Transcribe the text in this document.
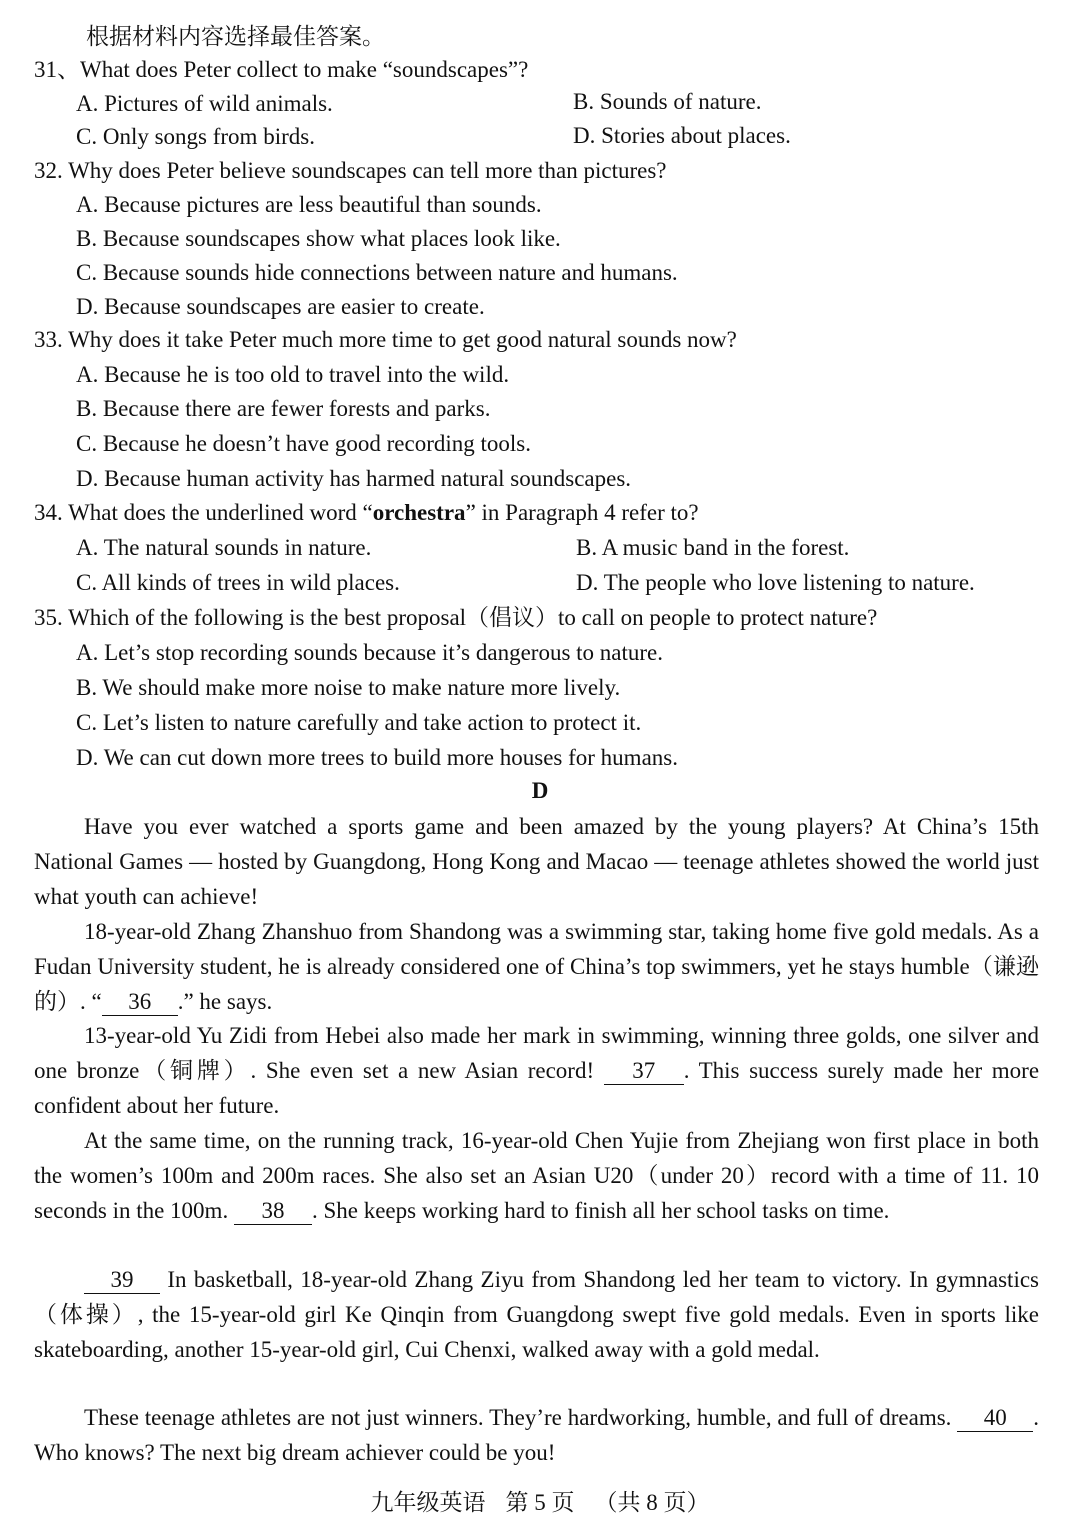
根据材料内容选择最佳答案。
31、What does Peter collect to make “soundscapes”?
A. Pictures of wild animals.	B. Sounds of nature.
C. Only songs from birds.	D. Stories about places.
32. Why does Peter believe soundscapes can tell more than pictures?
A. Because pictures are less beautiful than sounds.
B. Because soundscapes show what places look like.
C. Because sounds hide connections between nature and humans.
D. Because soundscapes are easier to create.
33. Why does it take Peter much more time to get good natural sounds now?
A. Because he is too old to travel into the wild.
B. Because there are fewer forests and parks.
C. Because he doesn’t have good recording tools.
D. Because human activity has harmed natural soundscapes.
34. What does the underlined word “orchestra” in Paragraph 4 refer to?
A. The natural sounds in nature.	B. A music band in the forest.
C. All kinds of trees in wild places.	D. The people who love listening to nature.
35. Which of the following is the best proposal（倡议）to call on people to protect nature?
A. Let’s stop recording sounds because it’s dangerous to nature.
B. We should make more noise to make nature more lively.
C. Let’s listen to nature carefully and take action to protect it.
D. We can cut down more trees to build more houses for humans.
D
Have you ever watched a sports game and been amazed by the young players? At China’s 15th National Games — hosted by Guangdong, Hong Kong and Macao — teenage athletes showed the world just what youth can achieve!
18-year-old Zhang Zhanshuo from Shandong was a swimming star, taking home five gold medals. As a Fudan University student, he is already considered one of China’s top swimmers, yet he stays humble（谦逊的）. “ 36 .” he says.
13-year-old Yu Zidi from Hebei also made her mark in swimming, winning three golds, one silver and one bronze（铜牌）. She even set a new Asian record! 37 . This success surely made her more confident about her future.
At the same time, on the running track, 16-year-old Chen Yujie from Zhejiang won first place in both the women’s 100m and 200m races. She also set an Asian U20（under 20）record with a time of 11. 10 seconds in the 100m. 38 . She keeps working hard to finish all her school tasks on time.
39 In basketball, 18-year-old Zhang Ziyu from Shandong led her team to victory. In gymnastics（体操）, the 15-year-old girl Ke Qinqin from Guangdong swept five gold medals. Even in sports like skateboarding, another 15-year-old girl, Cui Chenxi, walked away with a gold medal.
These teenage athletes are not just winners. They’re hardworking, humble, and full of dreams. 40 . Who knows? The next big dream achiever could be you!
九年级英语 第 5 页 （共 8 页）
